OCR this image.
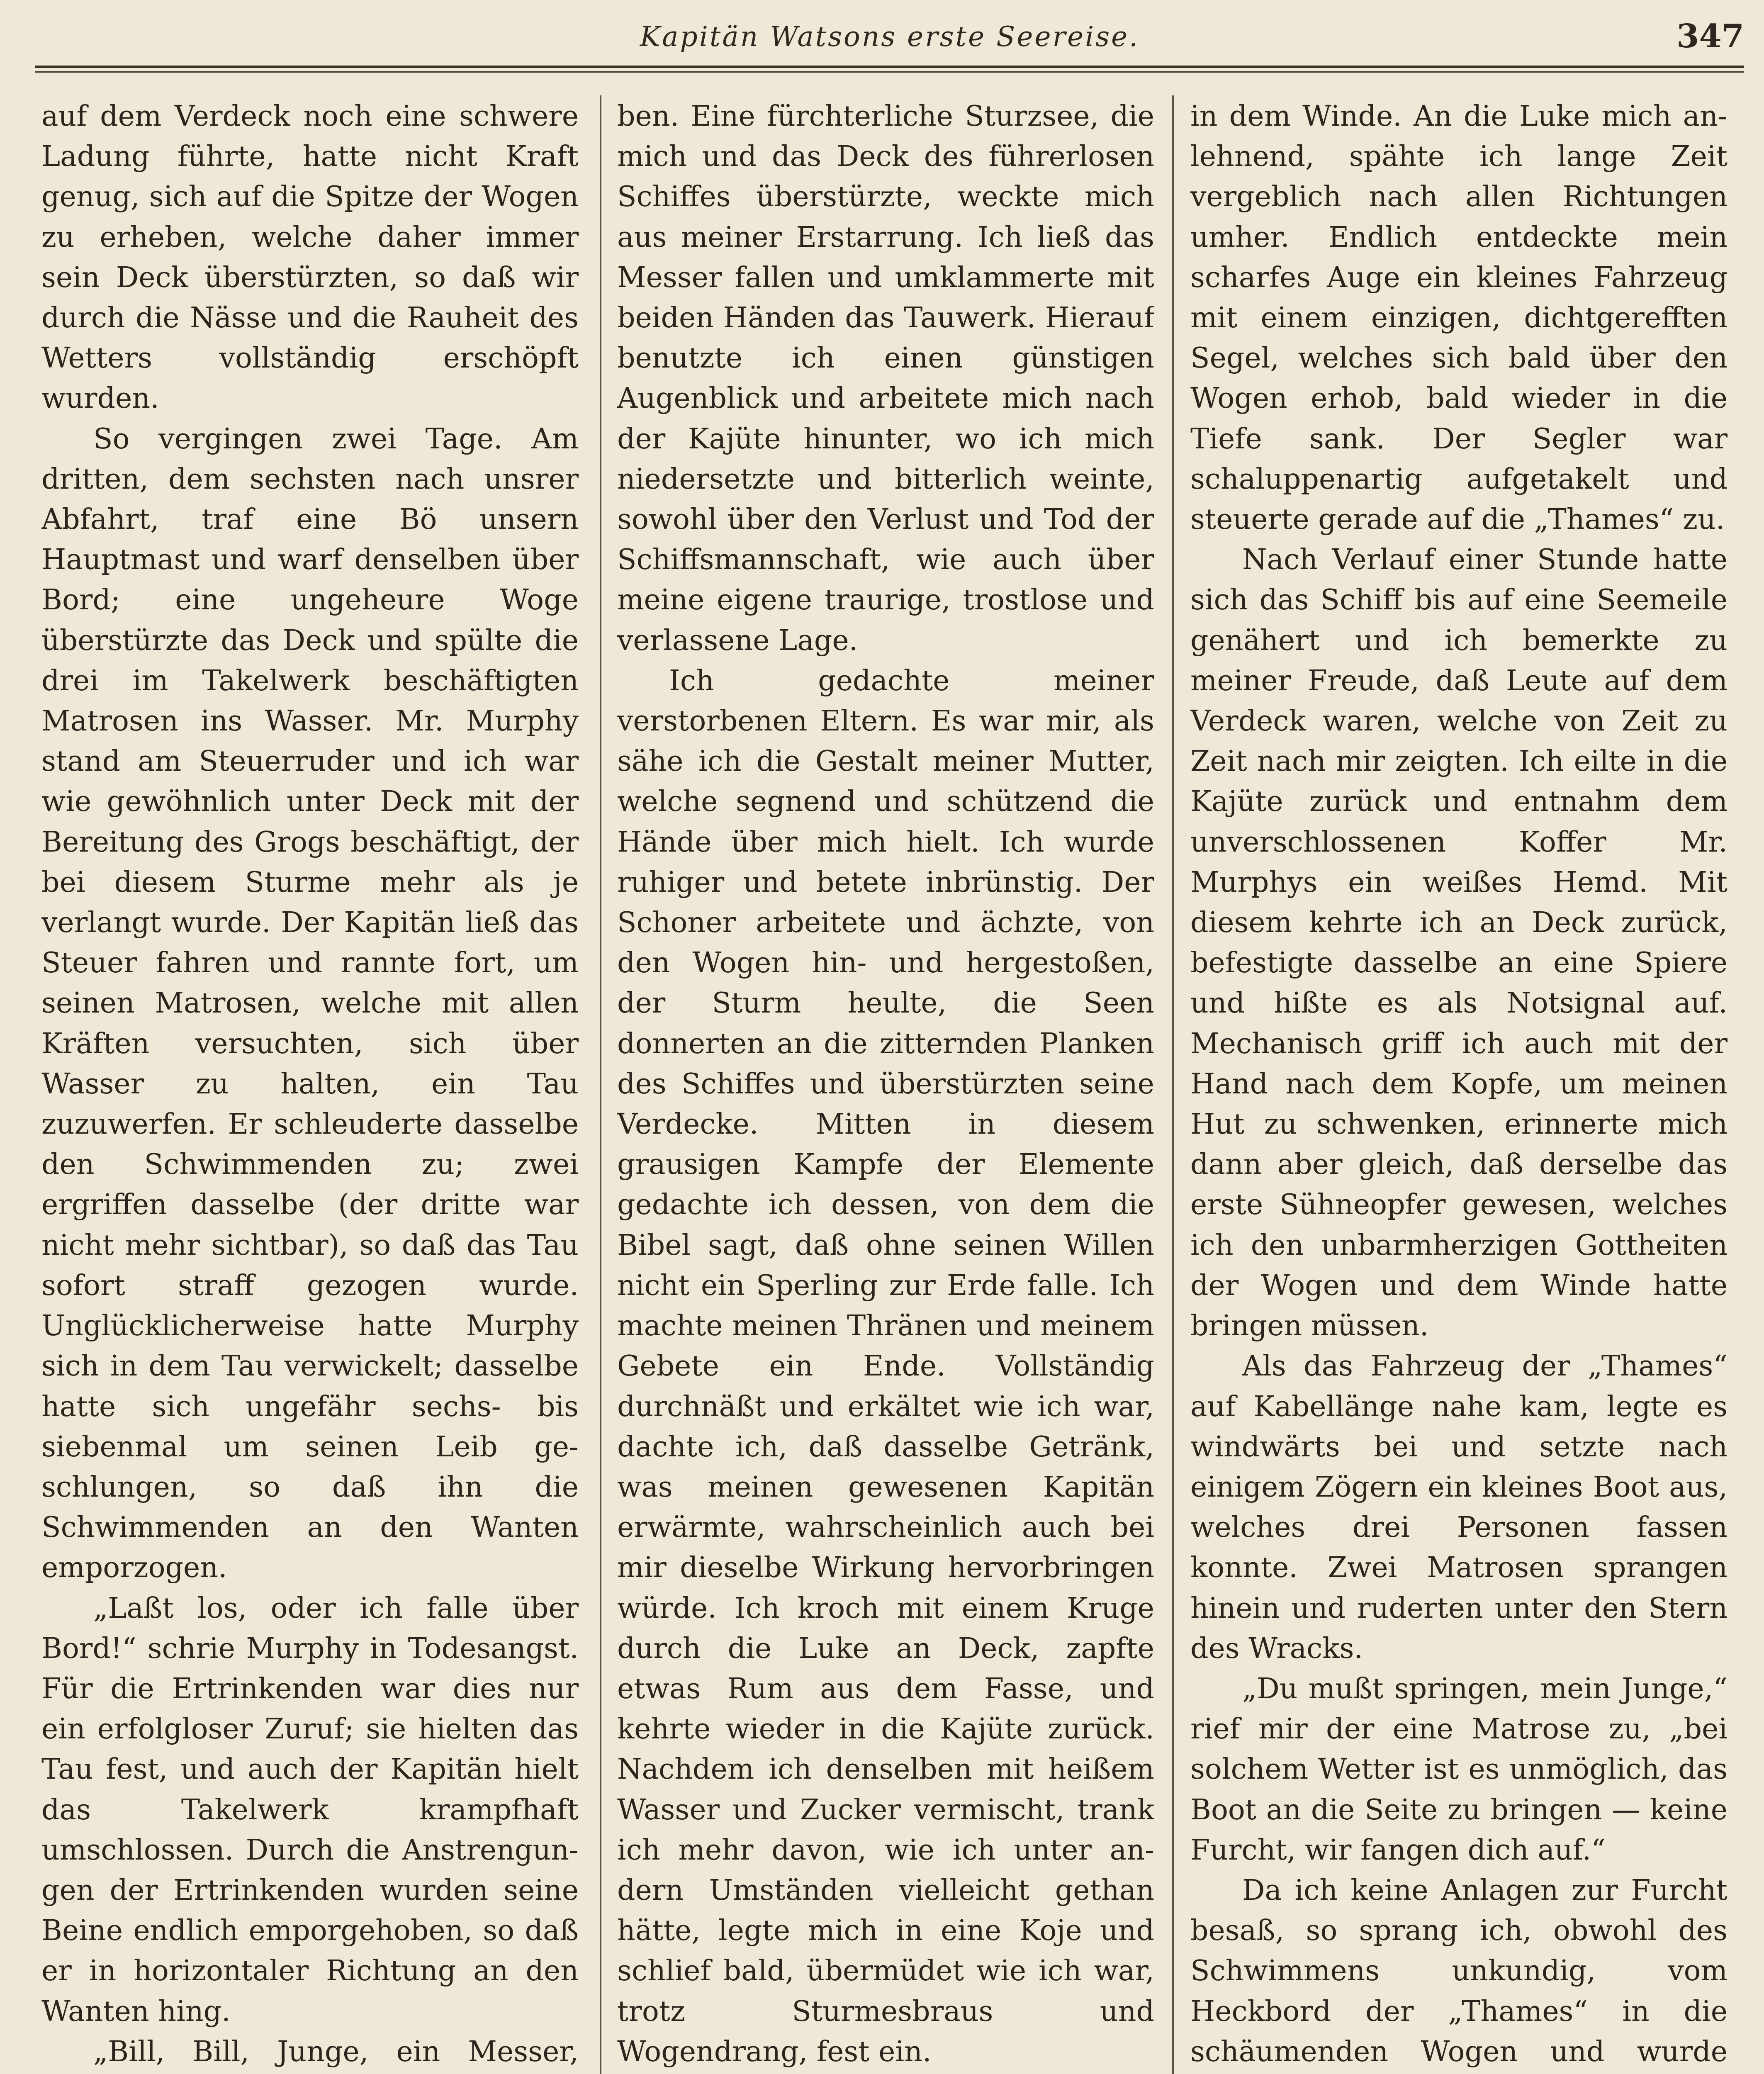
Kapitän Watsons erste Seereise.	347

auf dem Verdeck noch eine schwere Ladung führte, hatte nicht Kraft genug, sich auf die Spitze der Wogen zu erheben, welche daher immer sein Deck überstürzten, so daß wir durch die Nässe und die Rauheit des Wetters vollständig erschöpft wurden.

So vergingen zwei Tage. Am dritten, dem sechsten nach unsrer Abfahrt, traf eine Bö unsern Hauptmast und warf denselben über Bord; eine ungeheure Woge überstürzte das Deck und spülte die drei im Takelwerk beschäftigten Matrosen ins Wasser. Mr. Murphy stand am Steuerruder und ich war wie gewöhnlich unter Deck mit der Bereitung des Grogs beschäftigt, der bei diesem Sturme mehr als je verlangt wurde. Der Kapitän ließ das Steuer fahren und rannte fort, um seinen Matrosen, welche mit allen Kräften versuchten, sich über Wasser zu halten, ein Tau zuzuwerfen. Er schleuderte dasselbe den Schwimmenden zu; zwei ergriffen dasselbe (der dritte war nicht mehr sichtbar), so daß das Tau sofort straff gezogen wurde. Unglücklicherweise hatte Murphy sich in dem Tau verwickelt; dasselbe hatte sich ungefähr sechs- bis siebenmal um seinen Leib geschlungen, so daß ihn die Schwimmenden an den Wanten emporzogen.

„Laßt los, oder ich falle über Bord!“ schrie Murphy in Todesangst. Für die Ertrinkenden war dies nur ein erfolgloser Zuruf; sie hielten das Tau fest, und auch der Kapitän hielt das Takelwerk krampfhaft umschlossen. Durch die Anstrengungen der Ertrinkenden wurden seine Beine endlich emporgehoben, so daß er in horizontaler Richtung an den Wanten hing.

„Bill, Bill, Junge, ein Messer,

ben. Eine fürchterliche Sturzsee, die mich und das Deck des führerlosen Schiffes überstürzte, weckte mich aus meiner Erstarrung. Ich ließ das Messer fallen und umklammerte mit beiden Händen das Tauwerk. Hierauf benutzte ich einen günstigen Augenblick und arbeitete mich nach der Kajüte hinunter, wo ich mich niedersetzte und bitterlich weinte, sowohl über den Verlust und Tod der Schiffsmannschaft, wie auch über meine eigene traurige, trostlose und verlassene Lage.

Ich gedachte meiner verstorbenen Eltern. Es war mir, als sähe ich die Gestalt meiner Mutter, welche segnend und schützend die Hände über mich hielt. Ich wurde ruhiger und betete inbrünstig. Der Schoner arbeitete und ächzte, von den Wogen hin- und hergestoßen, der Sturm heulte, die Seen donnerten an die zitternden Planken des Schiffes und überstürzten seine Verdecke. Mitten in diesem grausigen Kampfe der Elemente gedachte ich dessen, von dem die Bibel sagt, daß ohne seinen Willen nicht ein Sperling zur Erde falle. Ich machte meinen Thränen und meinem Gebete ein Ende. Vollständig durchnäßt und erkältet wie ich war, dachte ich, daß dasselbe Getränk, was meinen gewesenen Kapitän erwärmte, wahrscheinlich auch bei mir dieselbe Wirkung hervorbringen würde. Ich kroch mit einem Kruge durch die Luke an Deck, zapfte etwas Rum aus dem Fasse, und kehrte wieder in die Kajüte zurück. Nachdem ich denselben mit heißem Wasser und Zucker vermischt, trank ich mehr davon, wie ich unter andern Umständen vielleicht gethan hätte, legte mich in eine Koje und schlief bald, übermüdet wie ich war, trotz Sturmesbraus und Wogendrang, fest ein.

in dem Winde. An die Luke mich anlehnend, spähte ich lange Zeit vergeblich nach allen Richtungen umher. Endlich entdeckte mein scharfes Auge ein kleines Fahrzeug mit einem einzigen, dichtgerefften Segel, welches sich bald über den Wogen erhob, bald wieder in die Tiefe sank. Der Segler war schaluppenartig aufgetakelt und steuerte gerade auf die „Thames“ zu.

Nach Verlauf einer Stunde hatte sich das Schiff bis auf eine Seemeile genähert und ich bemerkte zu meiner Freude, daß Leute auf dem Verdeck waren, welche von Zeit zu Zeit nach mir zeigten. Ich eilte in die Kajüte zurück und entnahm dem unverschlossenen Koffer Mr. Murphys ein weißes Hemd. Mit diesem kehrte ich an Deck zurück, befestigte dasselbe an eine Spiere und hißte es als Notsignal auf. Mechanisch griff ich auch mit der Hand nach dem Kopfe, um meinen Hut zu schwenken, erinnerte mich dann aber gleich, daß derselbe das erste Sühneopfer gewesen, welches ich den unbarmherzigen Gottheiten der Wogen und dem Winde hatte bringen müssen.

Als das Fahrzeug der „Thames“ auf Kabellänge nahe kam, legte es windwärts bei und setzte nach einigem Zögern ein kleines Boot aus, welches drei Personen fassen konnte. Zwei Matrosen sprangen hinein und ruderten unter den Stern des Wracks.

„Du mußt springen, mein Junge,“ rief mir der eine Matrose zu, „bei solchem Wetter ist es unmöglich, das Boot an die Seite zu bringen — keine Furcht, wir fangen dich auf.“

Da ich keine Anlagen zur Furcht besaß, so sprang ich, obwohl des Schwimmens unkundig, vom Heckbord der „Thames“ in die schäumenden Wogen und wurde
